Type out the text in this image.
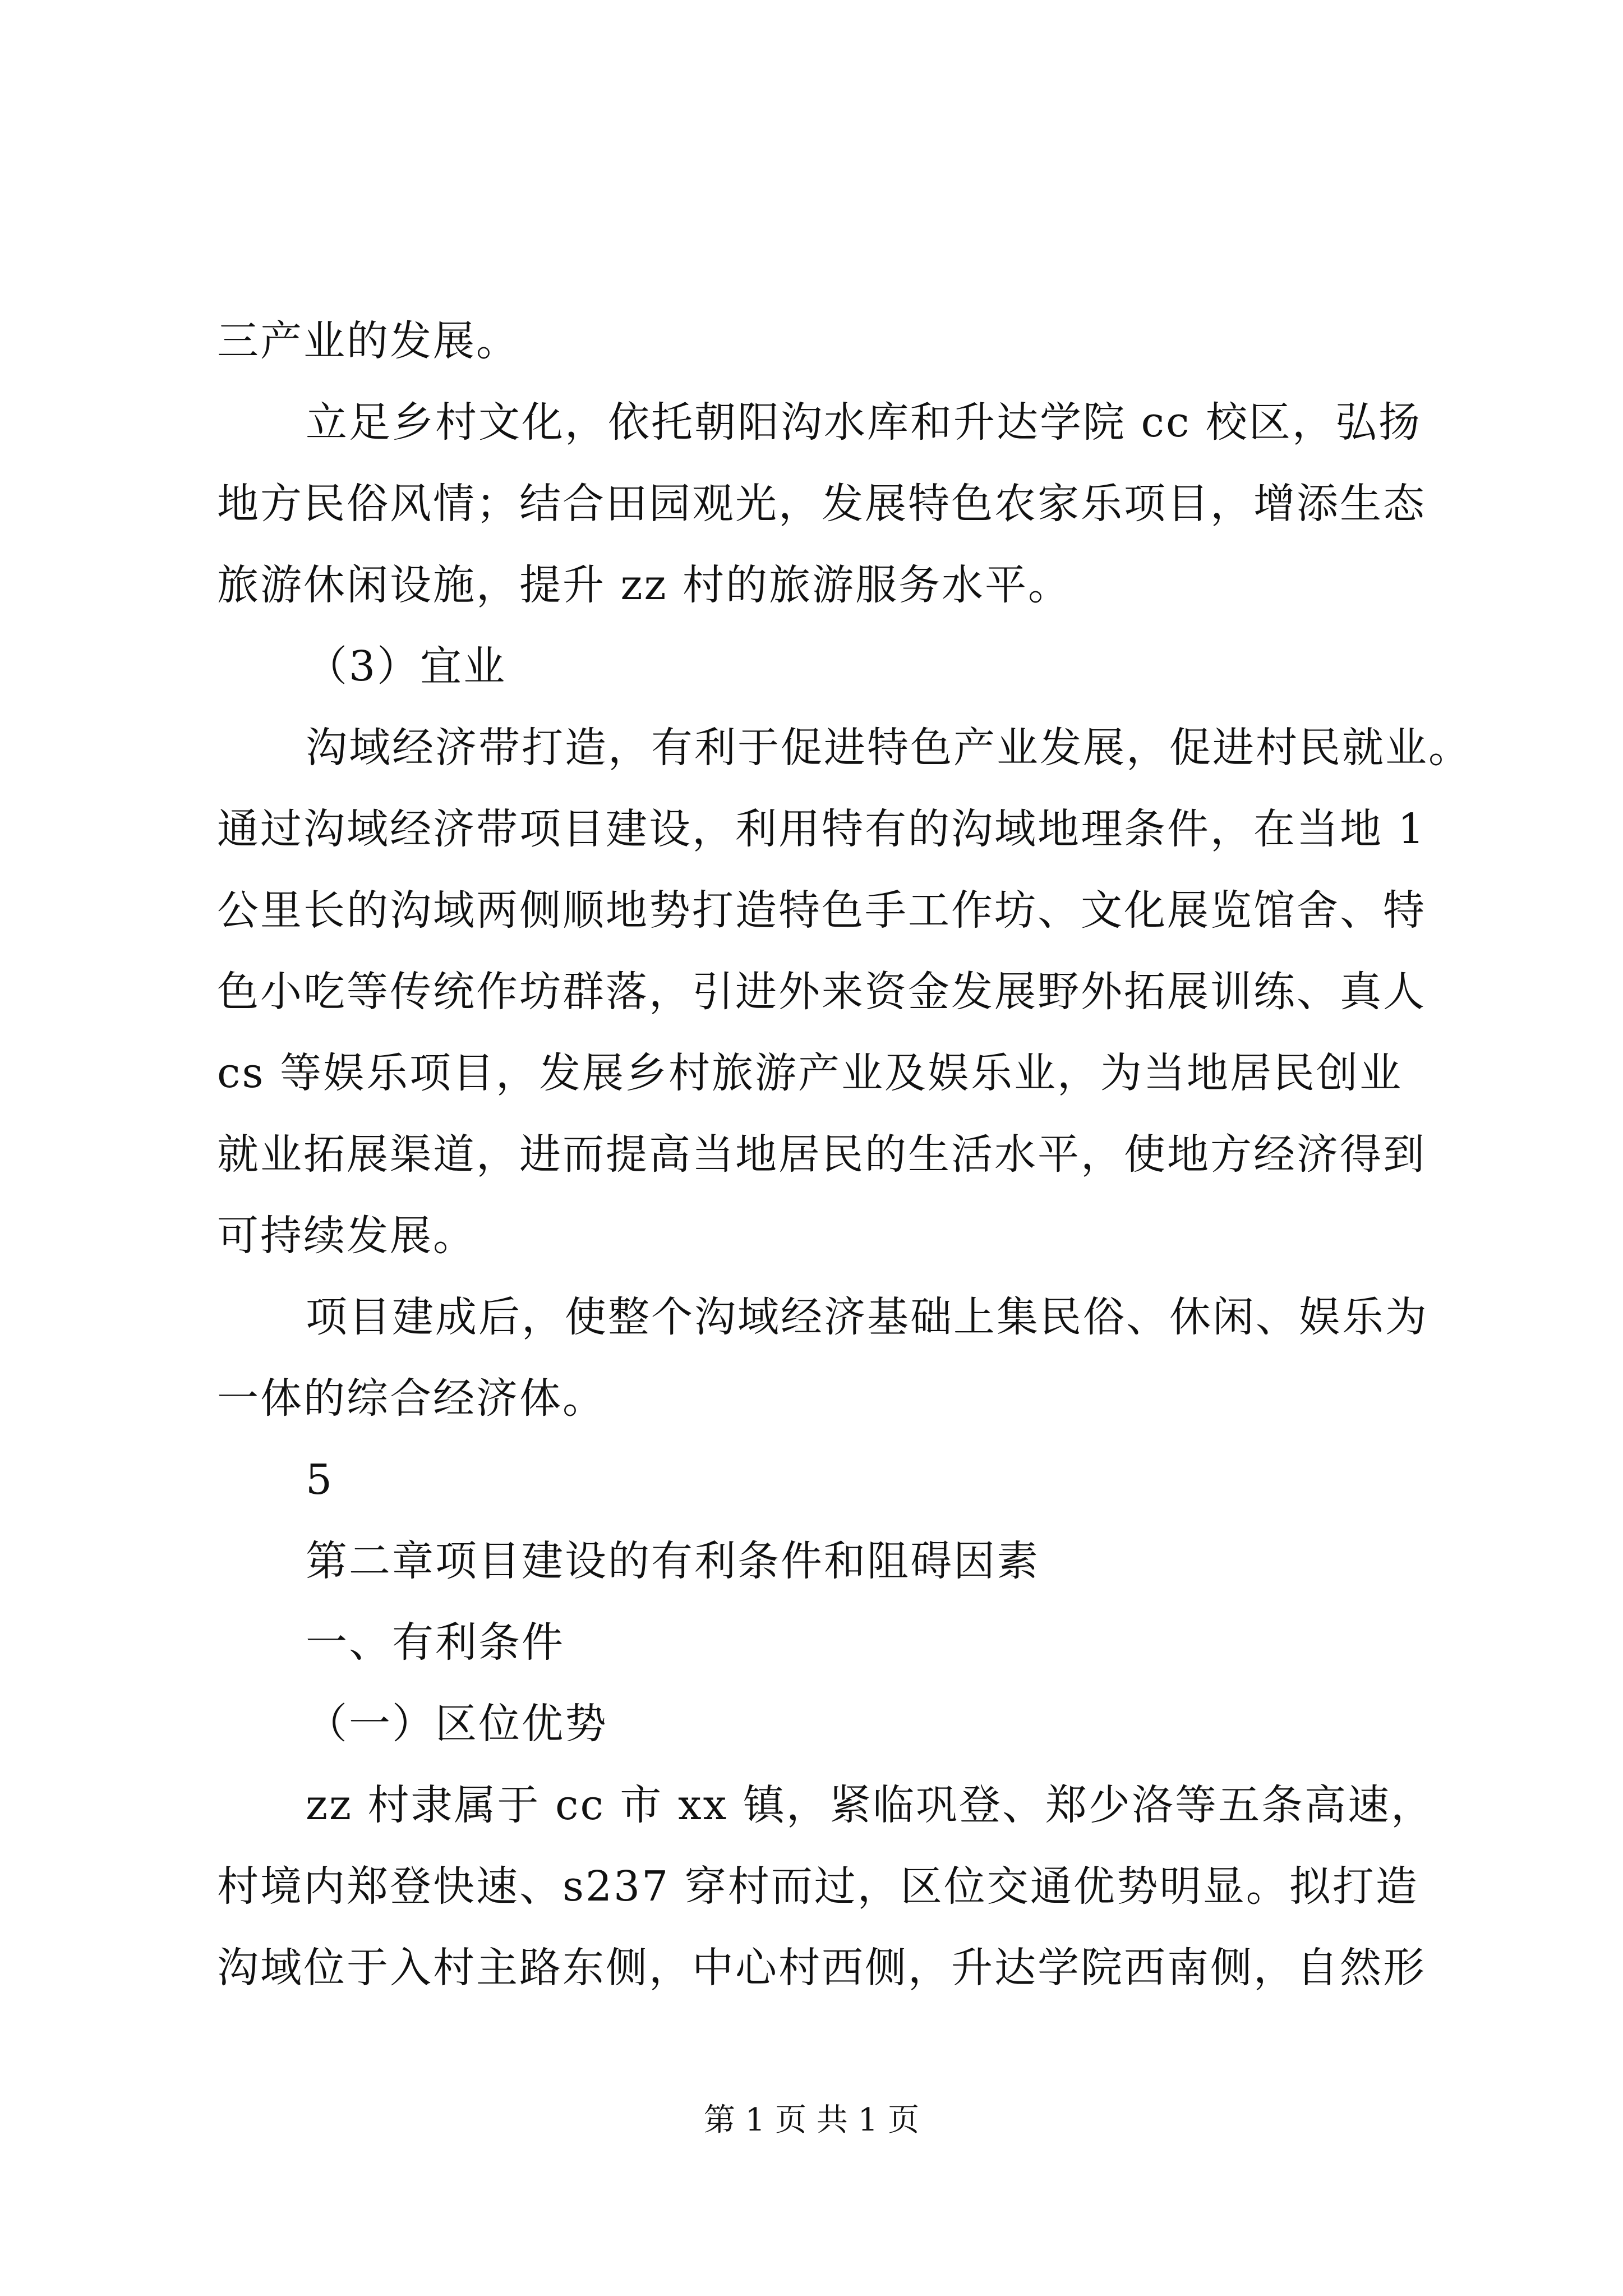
三产业的发展。
立足乡村文化，依托朝阳沟水库和升达学院 cc 校区，弘扬
地方民俗风情；结合田园观光，发展特色农家乐项目，增添生态
旅游休闲设施，提升 zz 村的旅游服务水平。
（3）宜业
沟域经济带打造，有利于促进特色产业发展，促进村民就业。
通过沟域经济带项目建设，利用特有的沟域地理条件，在当地 1
公里长的沟域两侧顺地势打造特色手工作坊、文化展览馆舍、特
色小吃等传统作坊群落，引进外来资金发展野外拓展训练、真人
cs 等娱乐项目，发展乡村旅游产业及娱乐业，为当地居民创业
就业拓展渠道，进而提高当地居民的生活水平，使地方经济得到
可持续发展。
项目建成后，使整个沟域经济基础上集民俗、休闲、娱乐为
一体的综合经济体。
5
第二章项目建设的有利条件和阻碍因素
一、有利条件
（一）区位优势
zz 村隶属于 cc 市 xx 镇，紧临巩登、郑少洛等五条高速，
村境内郑登快速、s237 穿村而过，区位交通优势明显。拟打造
沟域位于入村主路东侧，中心村西侧，升达学院西南侧，自然形
第 1 页 共 1 页
